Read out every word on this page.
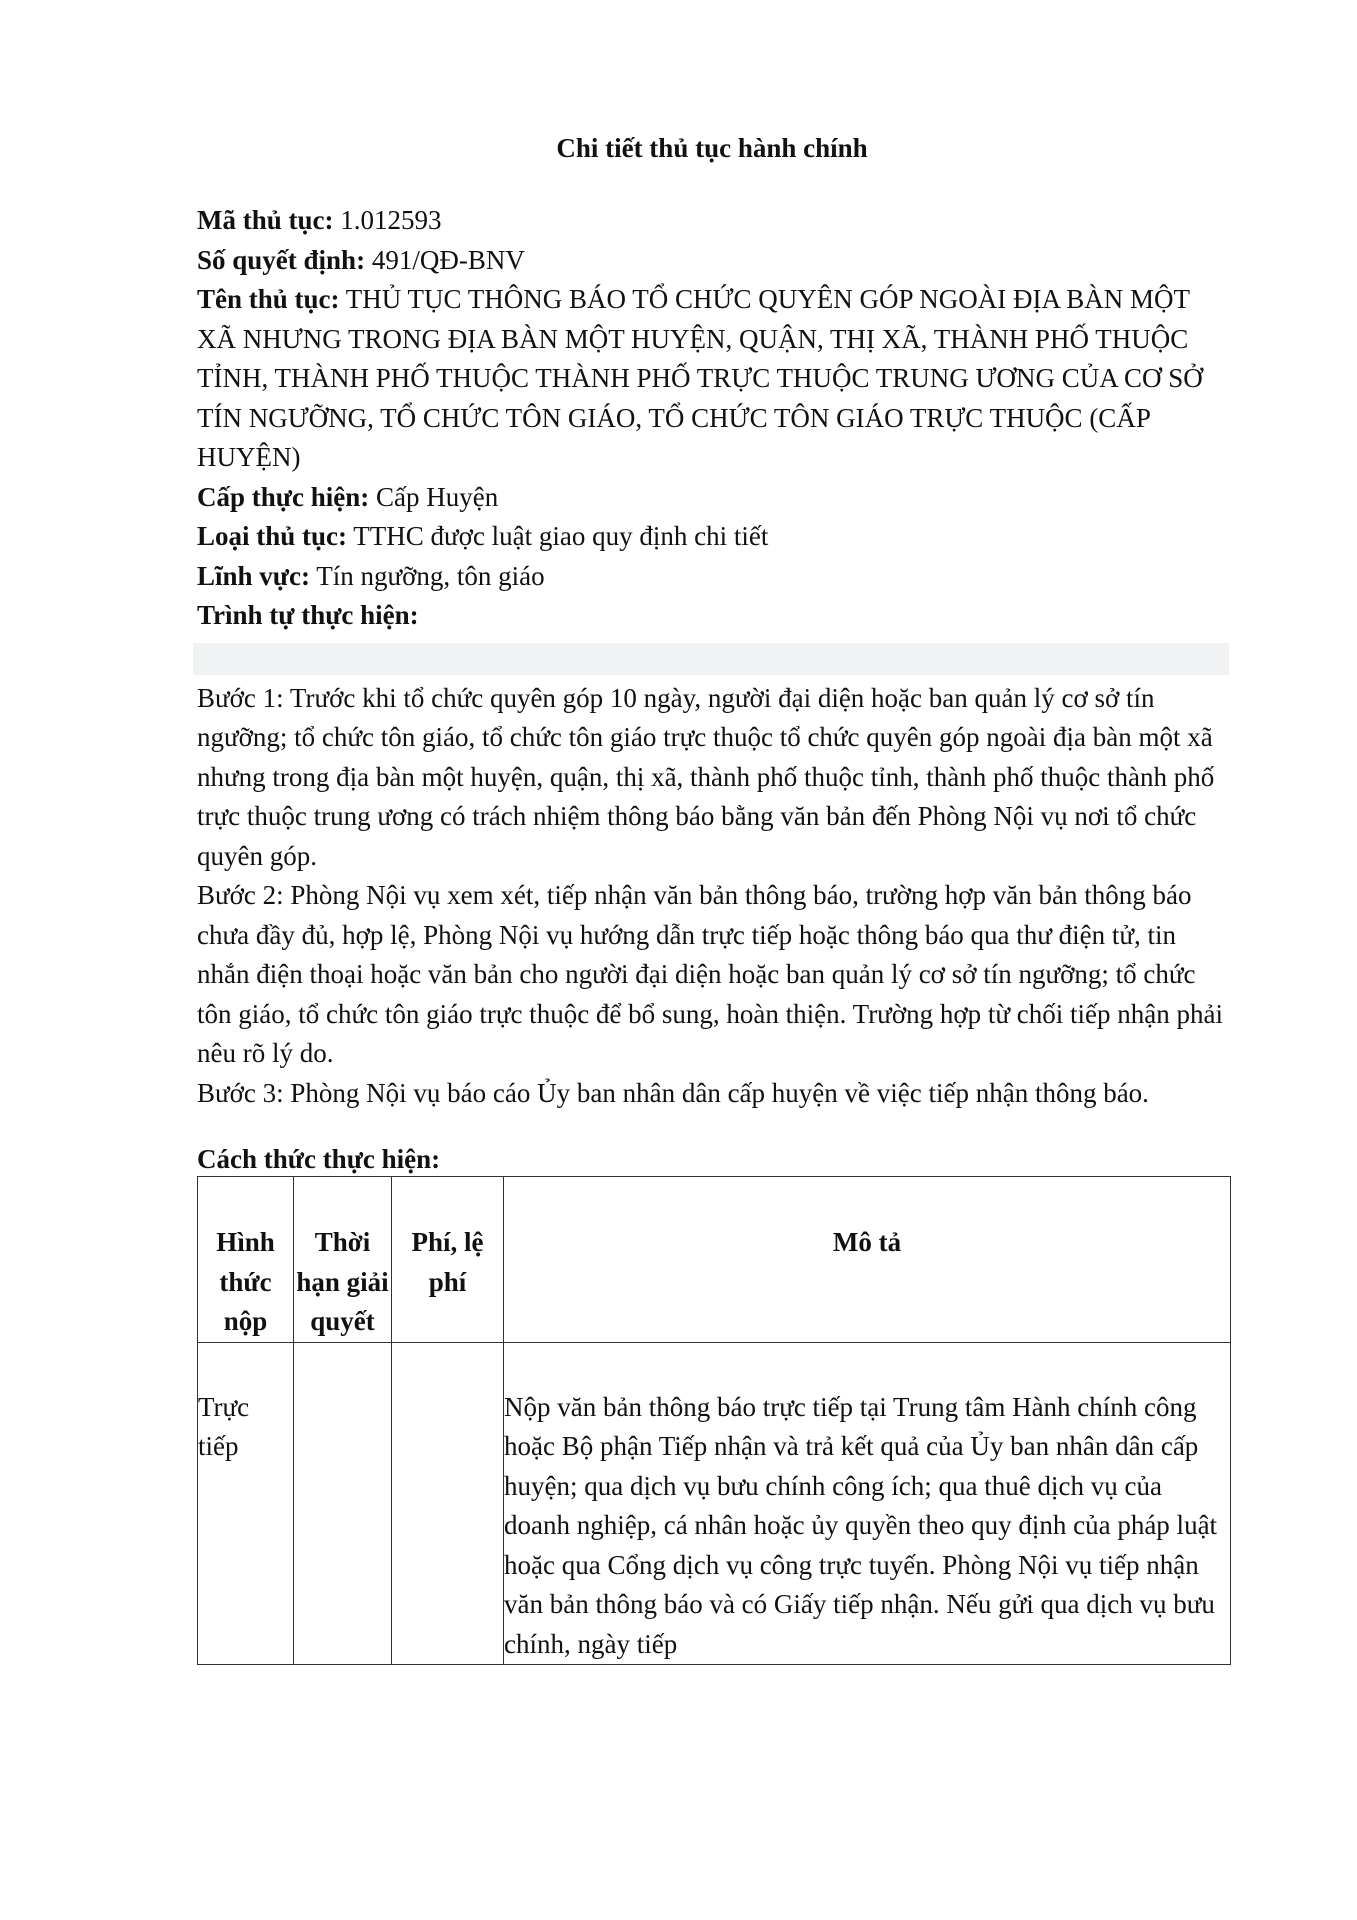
Chi tiết thủ tục hành chính

Mã thủ tục: 1.012593

Số quyết định: 491/QĐ-BNV

Tên thủ tục: THỦ TỤC THÔNG BÁO TỔ CHỨC QUYÊN GÓP NGOÀI ĐỊA BÀN MỘT XÃ NHƯNG TRONG ĐỊA BÀN MỘT HUYỆN, QUẬN, THỊ XÃ, THÀNH PHỐ THUỘC TỈNH, THÀNH PHỐ THUỘC THÀNH PHỐ TRỰC THUỘC TRUNG ƯƠNG CỦA CƠ SỞ TÍN NGƯỠNG, TỔ CHỨC TÔN GIÁO, TỔ CHỨC TÔN GIÁO TRỰC THUỘC (CẤP HUYỆN)

Cấp thực hiện: Cấp Huyện

Loại thủ tục: TTHC được luật giao quy định chi tiết

Lĩnh vực: Tín ngưỡng, tôn giáo

Trình tự thực hiện:

Bước 1: Trước khi tổ chức quyên góp 10 ngày, người đại diện hoặc ban quản lý cơ sở tín ngưỡng; tổ chức tôn giáo, tổ chức tôn giáo trực thuộc tổ chức quyên góp ngoài địa bàn một xã nhưng trong địa bàn một huyện, quận, thị xã, thành phố thuộc tỉnh, thành phố thuộc thành phố trực thuộc trung ương có trách nhiệm thông báo bằng văn bản đến Phòng Nội vụ nơi tổ chức quyên góp.

Bước 2: Phòng Nội vụ xem xét, tiếp nhận văn bản thông báo, trường hợp văn bản thông báo chưa đầy đủ, hợp lệ, Phòng Nội vụ hướng dẫn trực tiếp hoặc thông báo qua thư điện tử, tin nhắn điện thoại hoặc văn bản cho người đại diện hoặc ban quản lý cơ sở tín ngưỡng; tổ chức tôn giáo, tổ chức tôn giáo trực thuộc để bổ sung, hoàn thiện. Trường hợp từ chối tiếp nhận phải nêu rõ lý do.

Bước 3: Phòng Nội vụ báo cáo Ủy ban nhân dân cấp huyện về việc tiếp nhận thông báo.

Cách thức thực hiện:
Hình thức nộp	Thời hạn giải quyết	Phí, lệ phí	Mô tả
Trực tiếp			Nộp văn bản thông báo trực tiếp tại Trung tâm Hành chính công hoặc Bộ phận Tiếp nhận và trả kết quả của Ủy ban nhân dân cấp huyện; qua dịch vụ bưu chính công ích; qua thuê dịch vụ của doanh nghiệp, cá nhân hoặc ủy quyền theo quy định của pháp luật hoặc qua Cổng dịch vụ công trực tuyến. Phòng Nội vụ tiếp nhận văn bản thông báo và có Giấy tiếp nhận. Nếu gửi qua dịch vụ bưu chính, ngày tiếp
